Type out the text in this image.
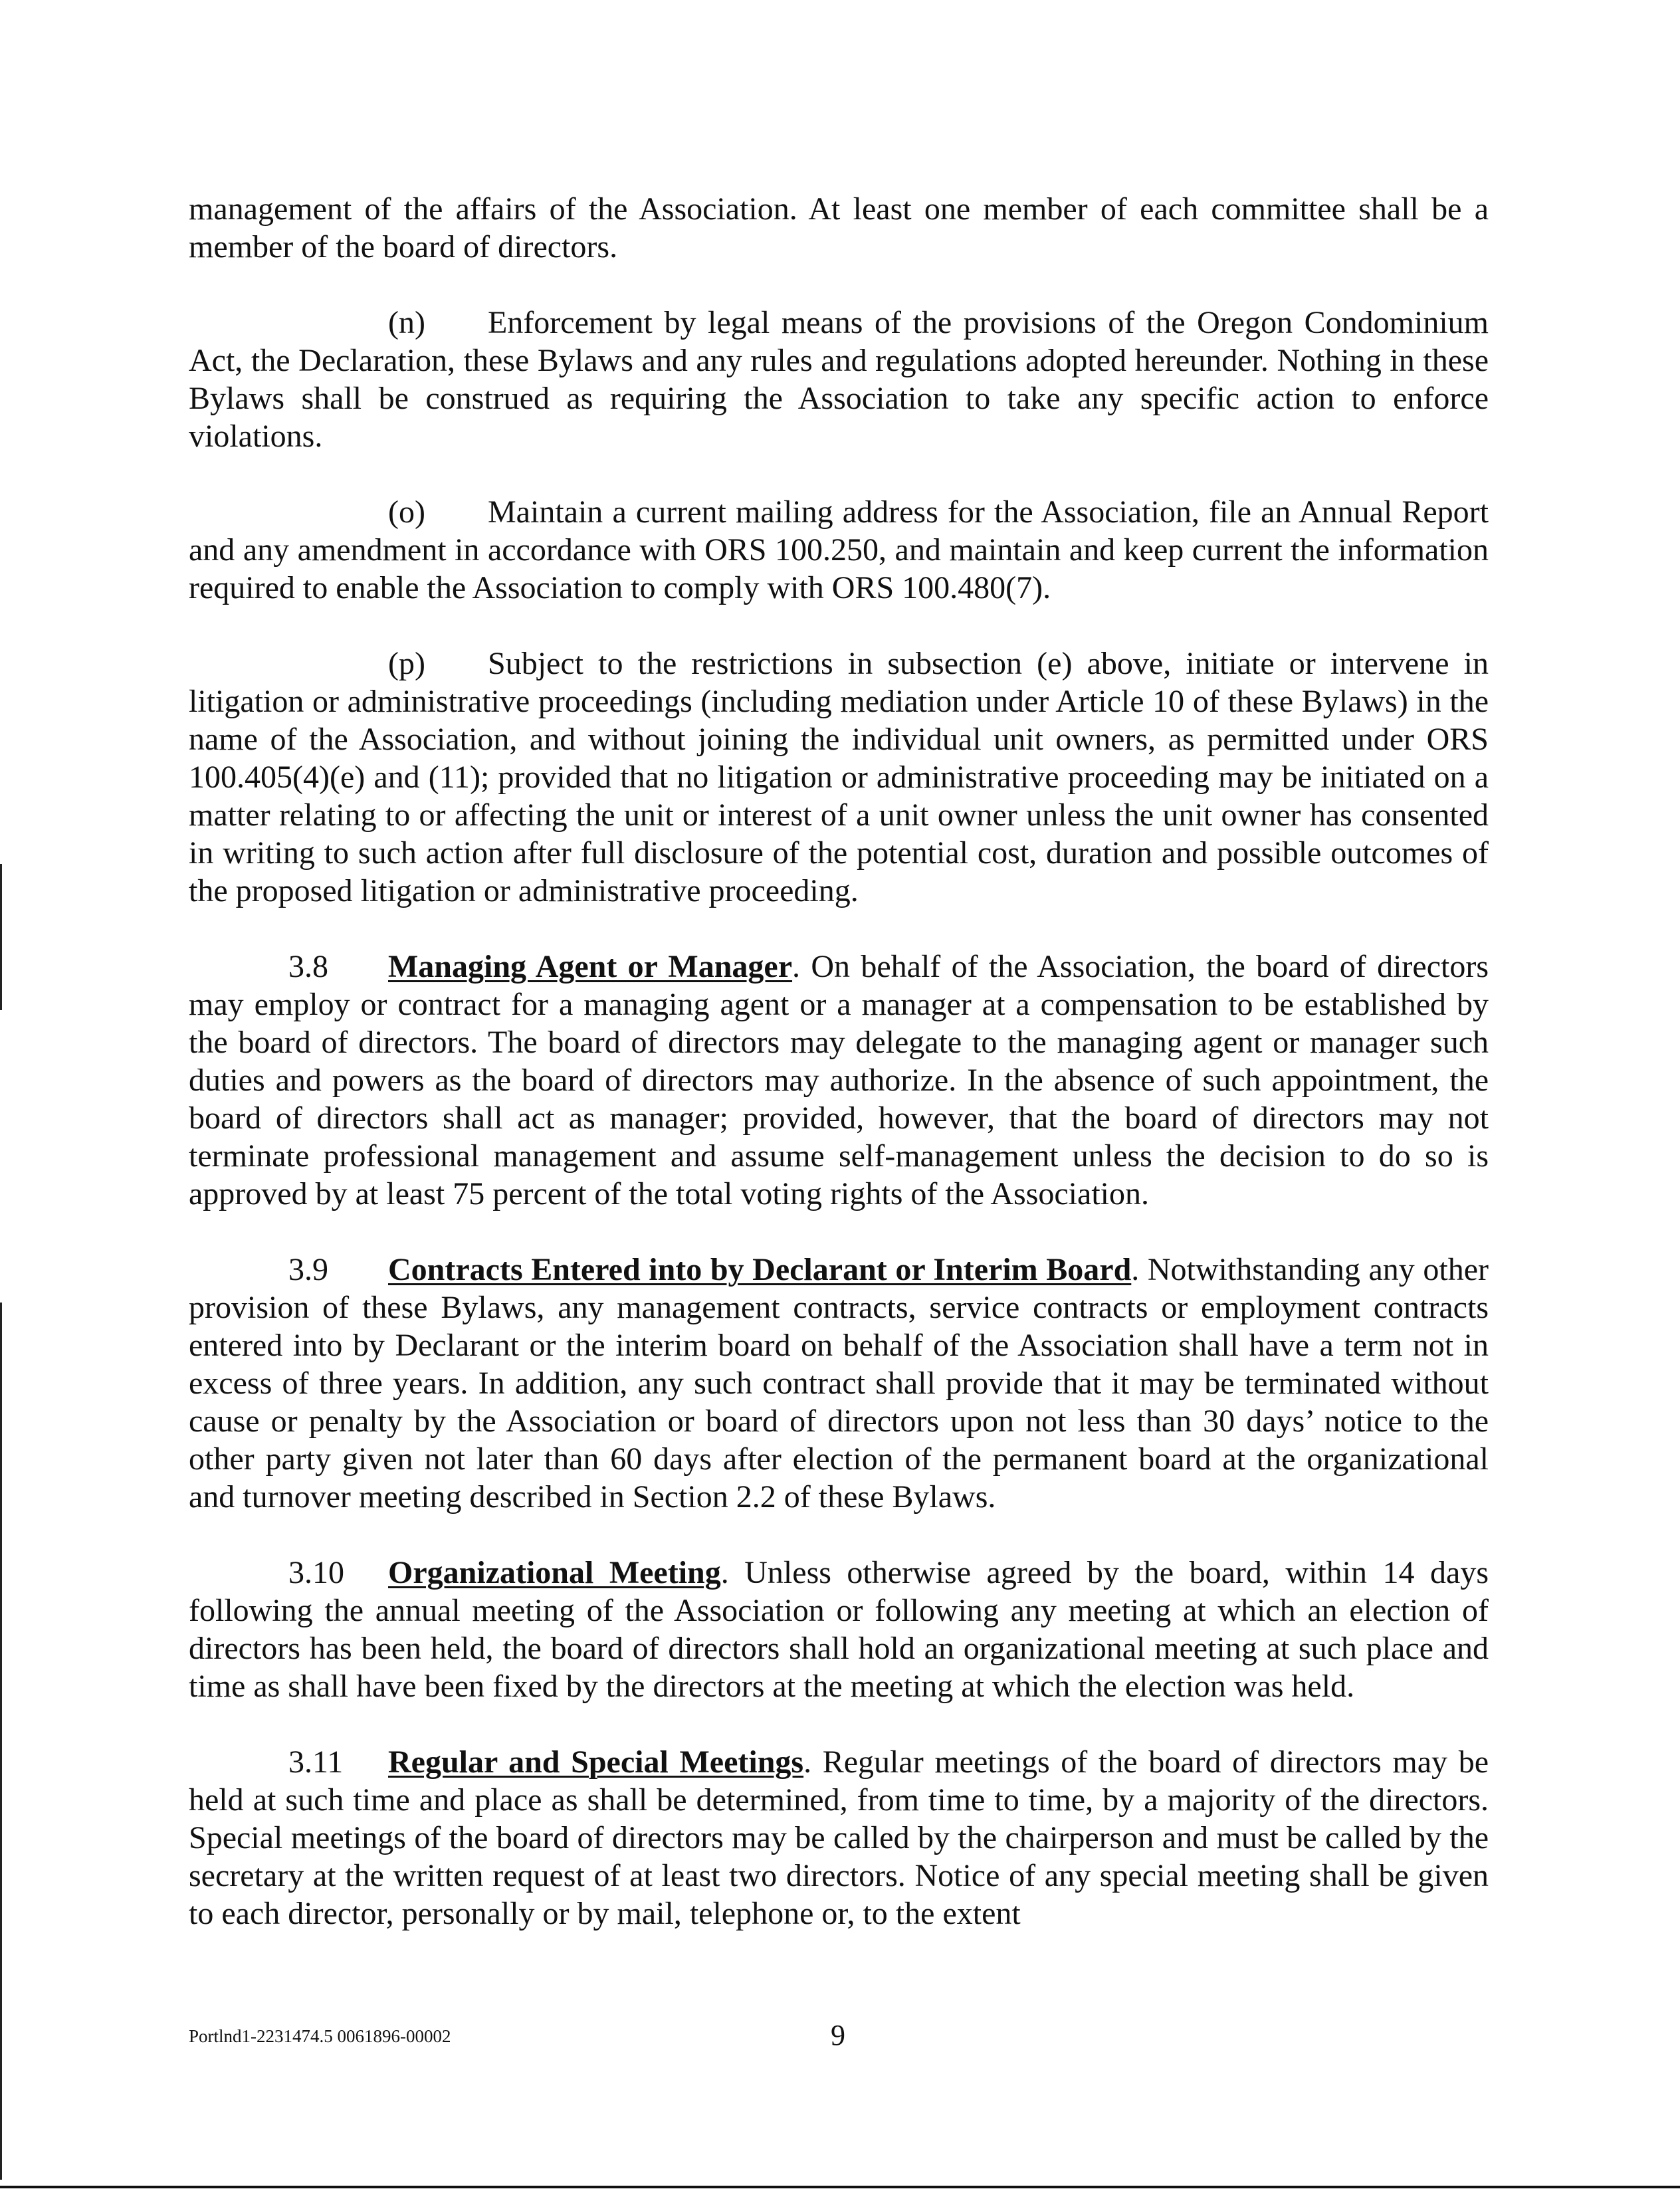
management of the affairs of the Association. At least one member of each committee shall be a member of the board of directors.

(n) Enforcement by legal means of the provisions of the Oregon Condominium Act, the Declaration, these Bylaws and any rules and regulations adopted hereunder. Nothing in these Bylaws shall be construed as requiring the Association to take any specific action to enforce violations.

(o) Maintain a current mailing address for the Association, file an Annual Report and any amendment in accordance with ORS 100.250, and maintain and keep current the information required to enable the Association to comply with ORS 100.480(7).

(p) Subject to the restrictions in subsection (e) above, initiate or intervene in litigation or administrative proceedings (including mediation under Article 10 of these Bylaws) in the name of the Association, and without joining the individual unit owners, as permitted under ORS 100.405(4)(e) and (11); provided that no litigation or administrative proceeding may be initiated on a matter relating to or affecting the unit or interest of a unit owner unless the unit owner has consented in writing to such action after full disclosure of the potential cost, duration and possible outcomes of the proposed litigation or administrative proceeding.

3.8 Managing Agent or Manager. On behalf of the Association, the board of directors may employ or contract for a managing agent or a manager at a compensation to be established by the board of directors. The board of directors may delegate to the managing agent or manager such duties and powers as the board of directors may authorize. In the absence of such appointment, the board of directors shall act as manager; provided, however, that the board of directors may not terminate professional management and assume self-management unless the decision to do so is approved by at least 75 percent of the total voting rights of the Association.

3.9 Contracts Entered into by Declarant or Interim Board. Notwithstanding any other provision of these Bylaws, any management contracts, service contracts or employment contracts entered into by Declarant or the interim board on behalf of the Association shall have a term not in excess of three years. In addition, any such contract shall provide that it may be terminated without cause or penalty by the Association or board of directors upon not less than 30 days’ notice to the other party given not later than 60 days after election of the permanent board at the organizational and turnover meeting described in Section 2.2 of these Bylaws.

3.10 Organizational Meeting. Unless otherwise agreed by the board, within 14 days following the annual meeting of the Association or following any meeting at which an election of directors has been held, the board of directors shall hold an organizational meeting at such place and time as shall have been fixed by the directors at the meeting at which the election was held.

3.11 Regular and Special Meetings. Regular meetings of the board of directors may be held at such time and place as shall be determined, from time to time, by a majority of the directors. Special meetings of the board of directors may be called by the chairperson and must be called by the secretary at the written request of at least two directors. Notice of any special meeting shall be given to each director, personally or by mail, telephone or, to the extent

Portlnd1-2231474.5 0061896-00002	9
